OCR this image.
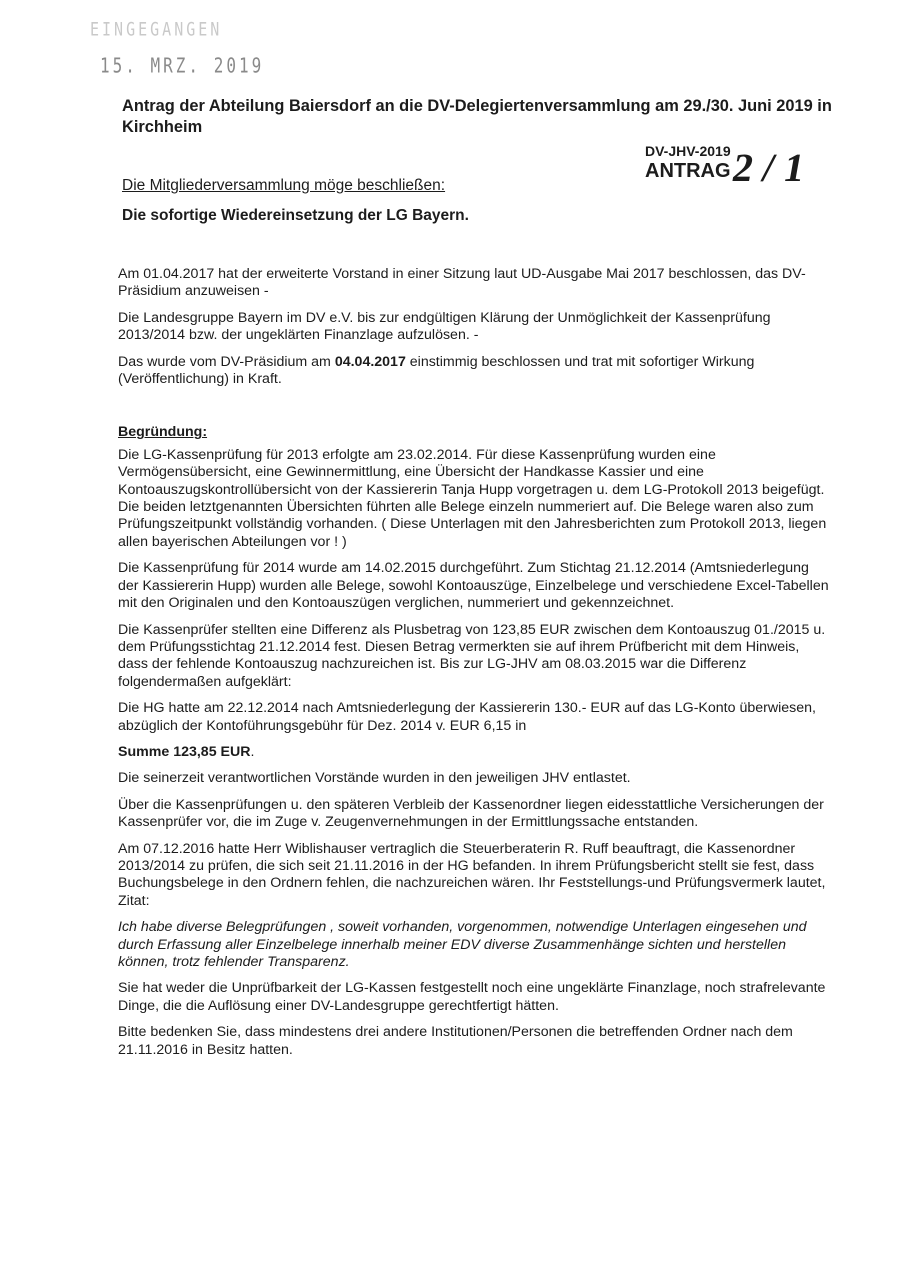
EINGEGANGEN
15. MRZ. 2019
Antrag der Abteilung Baiersdorf an die DV-Delegiertenversammlung am 29./30. Juni 2019 in Kirchheim
DV-JHV-2019
ANTRAG
2 / 1
Die Mitgliederversammlung möge beschließen:
Die sofortige Wiedereinsetzung der LG Bayern.

Am 01.04.2017 hat der erweiterte Vorstand in einer Sitzung laut UD-Ausgabe Mai 2017 beschlossen, das DV-Präsidium anzuweisen -

Die Landesgruppe Bayern im DV e.V. bis zur endgültigen Klärung der Unmöglichkeit der Kassenprüfung 2013/2014 bzw. der ungeklärten Finanzlage aufzulösen. -

Das wurde vom DV-Präsidium am 04.04.2017 einstimmig beschlossen und trat mit sofortiger Wirkung (Veröffentlichung) in Kraft.

Begründung:

Die LG-Kassenprüfung für 2013 erfolgte am 23.02.2014. Für diese Kassenprüfung wurden eine Vermögensübersicht, eine Gewinnermittlung, eine Übersicht der Handkasse Kassier und eine Kontoauszugskontrollübersicht von der Kassiererin Tanja Hupp vorgetragen u. dem LG-Protokoll 2013 beigefügt. Die beiden letztgenannten Übersichten führten alle Belege einzeln nummeriert auf. Die Belege waren also zum Prüfungszeitpunkt vollständig vorhanden. ( Diese Unterlagen mit den Jahresberichten zum Protokoll 2013, liegen allen bayerischen Abteilungen vor ! )

Die Kassenprüfung für 2014 wurde am 14.02.2015 durchgeführt. Zum Stichtag 21.12.2014 (Amtsniederlegung der Kassiererin Hupp) wurden alle Belege, sowohl Kontoauszüge, Einzelbelege und verschiedene Excel-Tabellen mit den Originalen und den Kontoauszügen verglichen, nummeriert und gekennzeichnet.

Die Kassenprüfer stellten eine Differenz als Plusbetrag von 123,85 EUR zwischen dem Kontoauszug 01./2015 u. dem Prüfungsstichtag 21.12.2014 fest. Diesen Betrag vermerkten sie auf ihrem Prüfbericht mit dem Hinweis, dass der fehlende Kontoauszug nachzureichen ist. Bis zur LG-JHV am 08.03.2015 war die Differenz folgendermaßen aufgeklärt:

Die HG hatte am 22.12.2014 nach Amtsniederlegung der Kassiererin 130.- EUR auf das LG-Konto überwiesen, abzüglich der Kontoführungsgebühr für Dez. 2014 v. EUR 6,15 in

Summe 123,85 EUR.

Die seinerzeit verantwortlichen Vorstände wurden in den jeweiligen JHV entlastet.

Über die Kassenprüfungen u. den späteren Verbleib der Kassenordner liegen eidesstattliche Versicherungen der Kassenprüfer vor, die im Zuge v. Zeugenvernehmungen in der Ermittlungssache entstanden.

Am 07.12.2016 hatte Herr Wiblishauser vertraglich die Steuerberaterin R. Ruff beauftragt, die Kassenordner 2013/2014 zu prüfen, die sich seit 21.11.2016 in der HG befanden. In ihrem Prüfungsbericht stellt sie fest, dass Buchungsbelege in den Ordnern fehlen, die nachzureichen wären. Ihr Feststellungs-und Prüfungsvermerk lautet, Zitat:

Ich habe diverse Belegprüfungen , soweit vorhanden, vorgenommen, notwendige Unterlagen eingesehen und durch Erfassung aller Einzelbelege innerhalb meiner EDV diverse Zusammenhänge sichten und herstellen können, trotz fehlender Transparenz.

Sie hat weder die Unprüfbarkeit der LG-Kassen festgestellt noch eine ungeklärte Finanzlage, noch strafrelevante Dinge, die die Auflösung einer DV-Landesgruppe gerechtfertigt hätten.

Bitte bedenken Sie, dass mindestens drei andere Institutionen/Personen die betreffenden Ordner nach dem 21.11.2016 in Besitz hatten.
